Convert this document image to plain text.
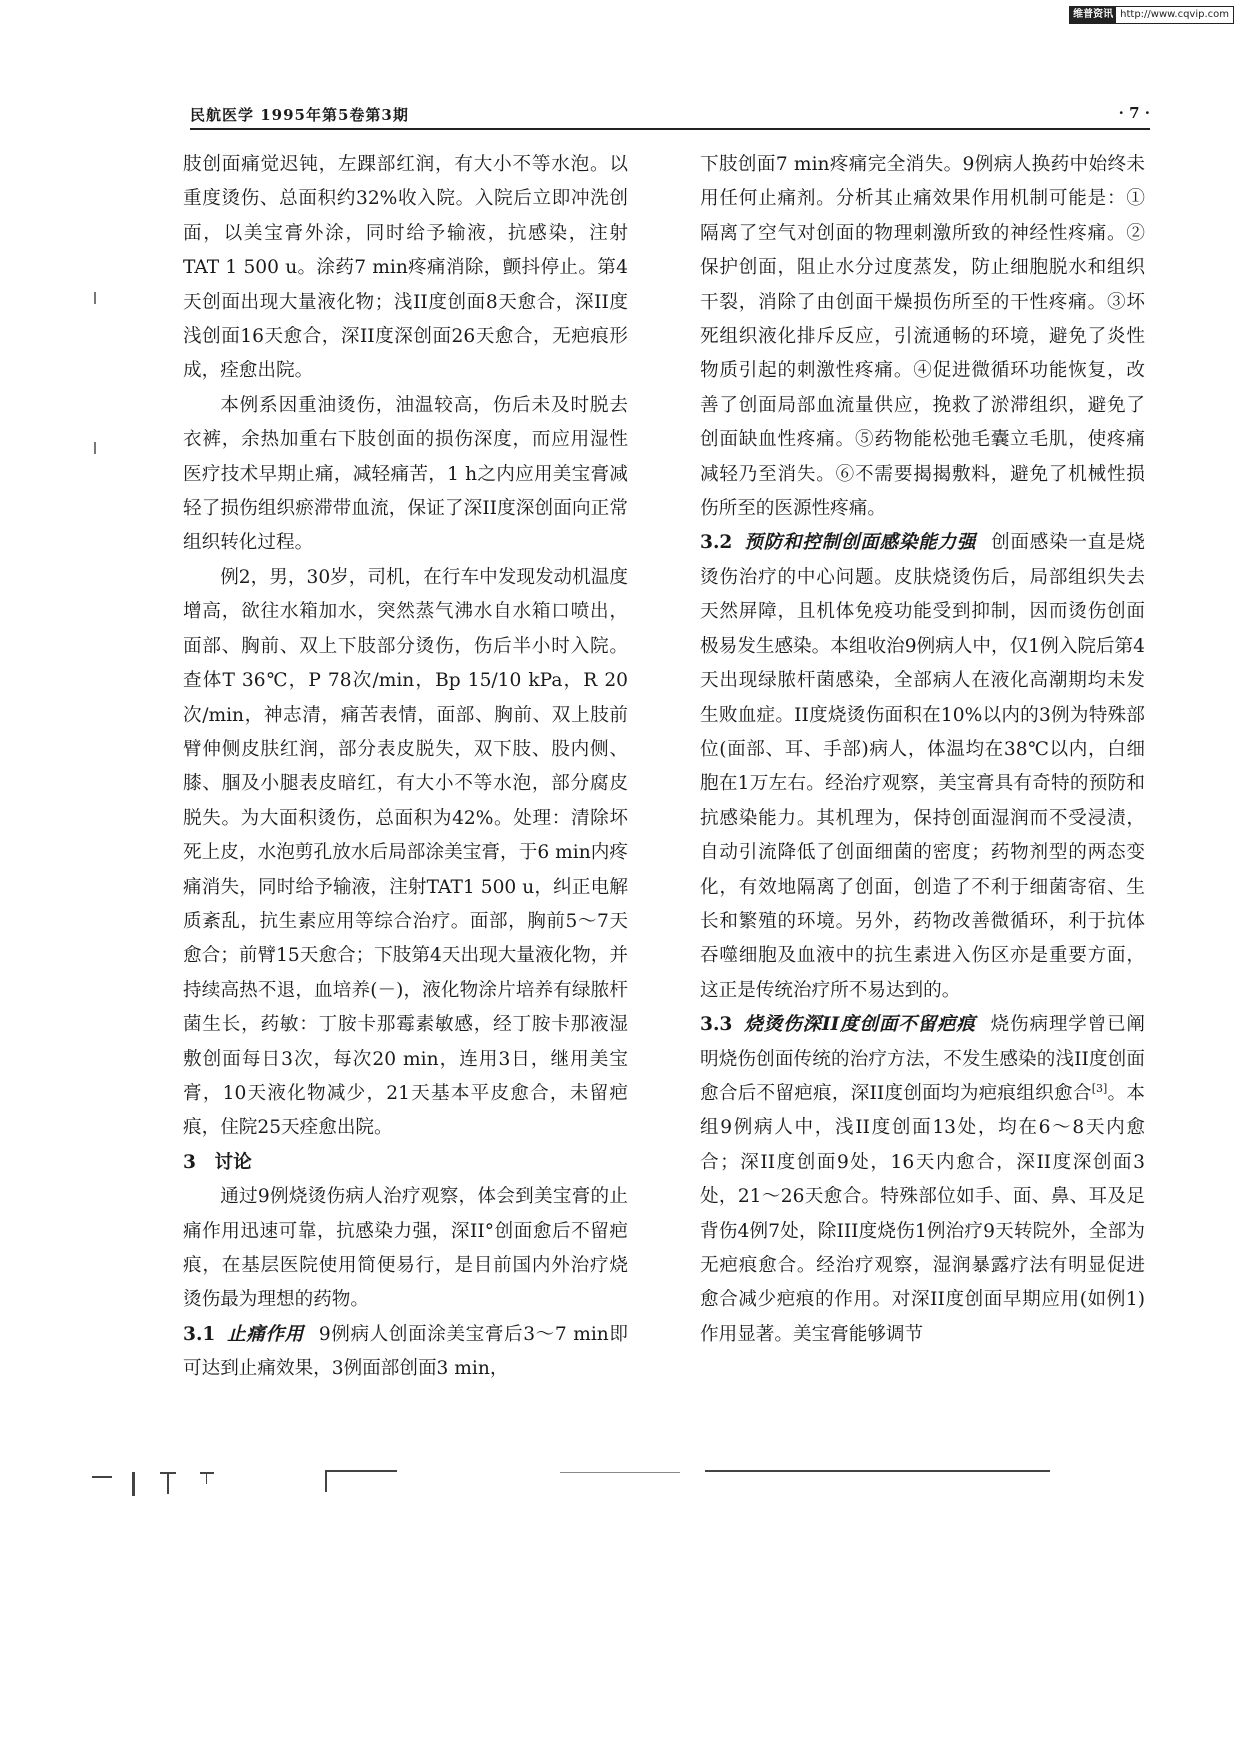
维普资讯 http://www.cqvip.com
民航医学 1995年第5卷第3期	· 7 ·

肢创面痛觉迟钝，左踝部红润，有大小不等水泡。以重度烫伤、总面积约32%收入院。入院后立即冲洗创面，以美宝膏外涂，同时给予输液，抗感染，注射TAT 1 500 u。涂药7 min疼痛消除，颤抖停止。第4天创面出现大量液化物；浅II度创面8天愈合，深II度浅创面16天愈合，深II度深创面26天愈合，无疤痕形成，痊愈出院。

本例系因重油烫伤，油温较高，伤后未及时脱去衣裤，余热加重右下肢创面的损伤深度，而应用湿性医疗技术早期止痛，减轻痛苦，1 h之内应用美宝膏减轻了损伤组织瘀滞带血流，保证了深II度深创面向正常组织转化过程。

例2，男，30岁，司机，在行车中发现发动机温度增高，欲往水箱加水，突然蒸气沸水自水箱口喷出，面部、胸前、双上下肢部分烫伤，伤后半小时入院。查体T 36℃，P 78次/min，Bp 15/10 kPa，R 20次/min，神志清，痛苦表情，面部、胸前、双上肢前臂伸侧皮肤红润，部分表皮脱失，双下肢、股内侧、膝、腘及小腿表皮暗红，有大小不等水泡，部分腐皮脱失。为大面积烫伤，总面积为42%。处理：清除坏死上皮，水泡剪孔放水后局部涂美宝膏，于6 min内疼痛消失，同时给予输液，注射TAT1 500 u，纠正电解质紊乱，抗生素应用等综合治疗。面部，胸前5～7天愈合；前臂15天愈合；下肢第4天出现大量液化物，并持续高热不退，血培养(－)，液化物涂片培养有绿脓杆菌生长，药敏：丁胺卡那霉素敏感，经丁胺卡那液湿敷创面每日3次，每次20 min，连用3日，继用美宝膏，10天液化物减少，21天基本平皮愈合，未留疤痕，住院25天痊愈出院。

3 讨论

通过9例烧烫伤病人治疗观察，体会到美宝膏的止痛作用迅速可靠，抗感染力强，深II°创面愈后不留疤痕，在基层医院使用简便易行，是目前国内外治疗烧烫伤最为理想的药物。

3.1 止痛作用 9例病人创面涂美宝膏后3～7 min即可达到止痛效果，3例面部创面3 min，

下肢创面7 min疼痛完全消失。9例病人换药中始终未用任何止痛剂。分析其止痛效果作用机制可能是：①隔离了空气对创面的物理刺激所致的神经性疼痛。②保护创面，阻止水分过度蒸发，防止细胞脱水和组织干裂，消除了由创面干燥损伤所至的干性疼痛。③坏死组织液化排斥反应，引流通畅的环境，避免了炎性物质引起的刺激性疼痛。④促进微循环功能恢复，改善了创面局部血流量供应，挽救了淤滞组织，避免了创面缺血性疼痛。⑤药物能松弛毛囊立毛肌，使疼痛减轻乃至消失。⑥不需要揭揭敷料，避免了机械性损伤所至的医源性疼痛。

3.2 预防和控制创面感染能力强 创面感染一直是烧烫伤治疗的中心问题。皮肤烧烫伤后，局部组织失去天然屏障，且机体免疫功能受到抑制，因而烫伤创面极易发生感染。本组收治9例病人中，仅1例入院后第4天出现绿脓杆菌感染，全部病人在液化高潮期均未发生败血症。II度烧烫伤面积在10%以内的3例为特殊部位(面部、耳、手部)病人，体温均在38℃以内，白细胞在1万左右。经治疗观察，美宝膏具有奇特的预防和抗感染能力。其机理为，保持创面湿润而不受浸渍，自动引流降低了创面细菌的密度；药物剂型的两态变化，有效地隔离了创面，创造了不利于细菌寄宿、生长和繁殖的环境。另外，药物改善微循环，利于抗体吞噬细胞及血液中的抗生素进入伤区亦是重要方面，这正是传统治疗所不易达到的。

3.3 烧烫伤深II度创面不留疤痕 烧伤病理学曾已阐明烧伤创面传统的治疗方法，不发生感染的浅II度创面愈合后不留疤痕，深II度创面均为疤痕组织愈合[3]。本组9例病人中，浅II度创面13处，均在6～8天内愈合；深II度创面9处，16天内愈合，深II度深创面3处，21～26天愈合。特殊部位如手、面、鼻、耳及足背伤4例7处，除III度烧伤1例治疗9天转院外，全部为无疤痕愈合。经治疗观察，湿润暴露疗法有明显促进愈合减少疤痕的作用。对深II度创面早期应用(如例1)作用显著。美宝膏能够调节
